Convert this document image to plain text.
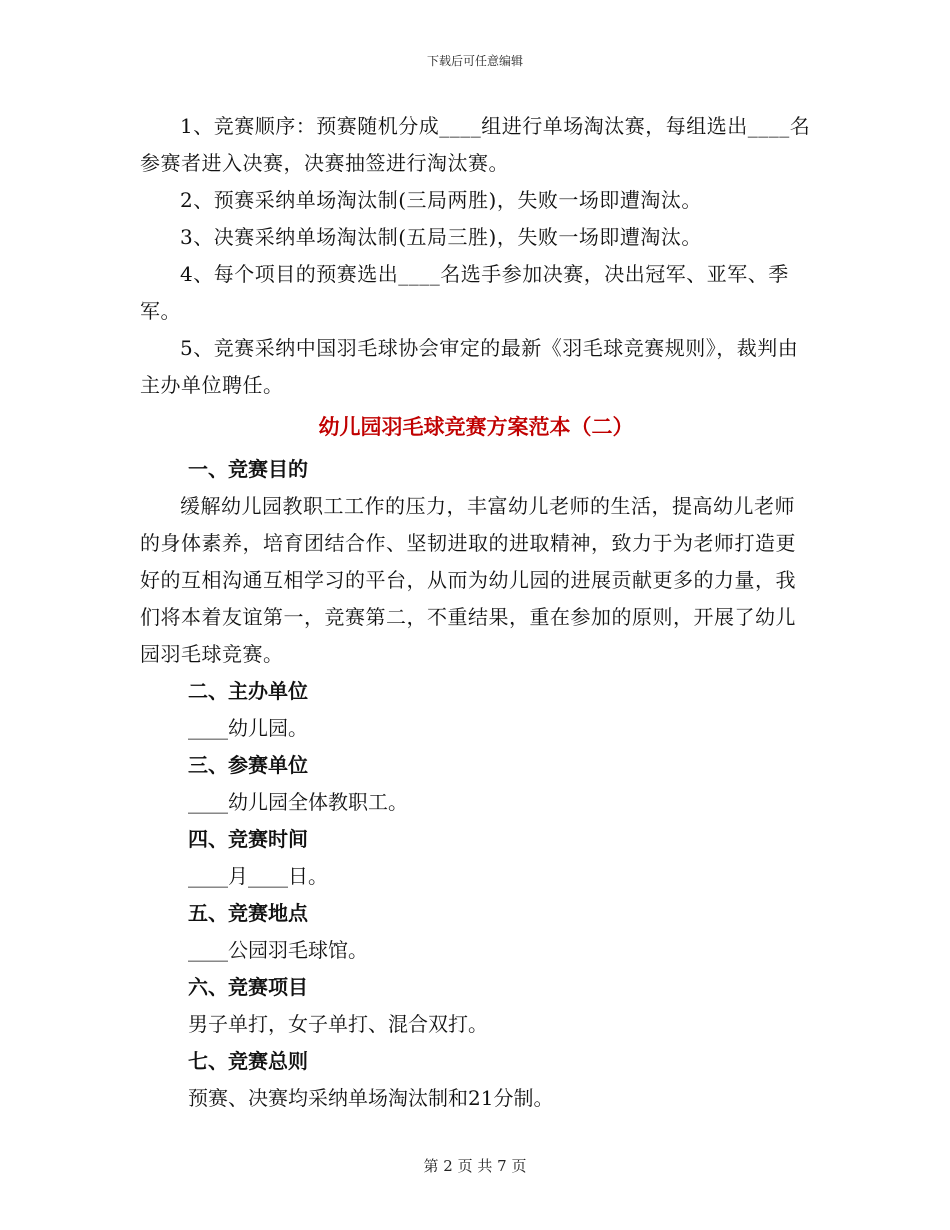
下载后可任意编辑

1、竞赛顺序：预赛随机分成____组进行单场淘汰赛，每组选出____名参赛者进入决赛，决赛抽签进行淘汰赛。

2、预赛采纳单场淘汰制(三局两胜)，失败一场即遭淘汰。

3、决赛采纳单场淘汰制(五局三胜)，失败一场即遭淘汰。

4、每个项目的预赛选出____名选手参加决赛，决出冠军、亚军、季军。

5、竞赛采纳中国羽毛球协会审定的最新《羽毛球竞赛规则》，裁判由主办单位聘任。

幼儿园羽毛球竞赛方案范本（二）

一、竞赛目的

缓解幼儿园教职工工作的压力，丰富幼儿老师的生活，提高幼儿老师的身体素养，培育团结合作、坚韧进取的进取精神，致力于为老师打造更好的互相沟通互相学习的平台，从而为幼儿园的进展贡献更多的力量，我们将本着友谊第一，竞赛第二，不重结果，重在参加的原则，开展了幼儿园羽毛球竞赛。

二、主办单位

____幼儿园。

三、参赛单位

____幼儿园全体教职工。

四、竞赛时间

____月____日。

五、竞赛地点

____公园羽毛球馆。

六、竞赛项目

男子单打，女子单打、混合双打。

七、竞赛总则

预赛、决赛均采纳单场淘汰制和21分制。

第 2 页 共 7 页
